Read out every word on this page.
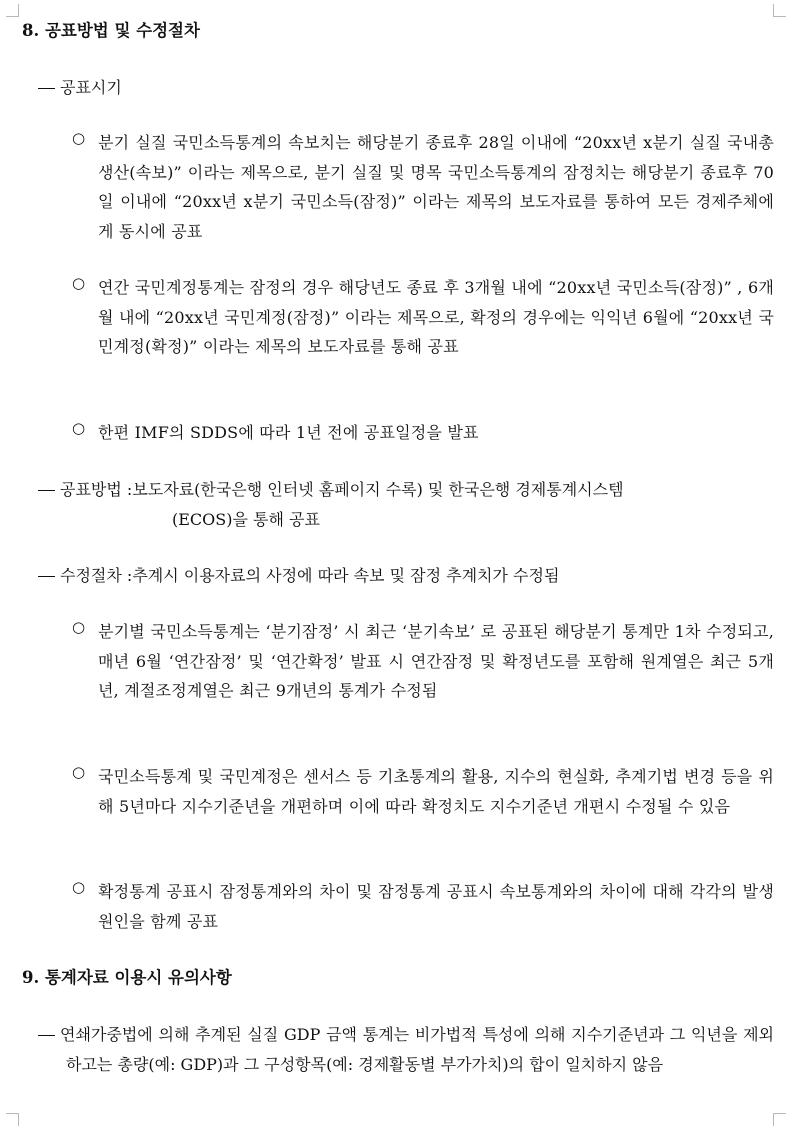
8. 공표방법 및 수정절차
공표시기
○ 분기 실질 국민소득통계의 속보치는 해당분기 종료후 28일 이내에 “20xx년 x분기 실질 국내총생산(속보)” 이라는 제목으로, 분기 실질 및 명목 국민소득통계의 잠정치는 해당분기 종료후 70일 이내에 “20xx년 x분기 국민소득(잠정)” 이라는 제목의 보도자료를 통하여 모든 경제주체에게 동시에 공표
○ 연간 국민계정통계는 잠정의 경우 해당년도 종료 후 3개월 내에 “20xx년 국민소득(잠정)” , 6개월 내에 “20xx년 국민계정(잠정)” 이라는 제목으로, 확정의 경우에는 익익년 6월에 “20xx년 국민계정(확정)” 이라는 제목의 보도자료를 통해 공표
○ 한편 IMF의 SDDS에 따라 1년 전에 공표일정을 발표
공표방법 :보도자료(한국은행 인터넷 홈페이지 수록) 및 한국은행 경제통계시스템
(ECOS)을 통해 공표
수정절차 :추계시 이용자료의 사정에 따라 속보 및 잠정 추계치가 수정됨
○ 분기별 국민소득통계는 ‘분기잠정’ 시 최근 ‘분기속보’ 로 공표된 해당분기 통계만 1차 수정되고, 매년 6월 ‘연간잠정’ 및 ‘연간확정’ 발표 시 연간잠정 및 확정년도를 포함해 원계열은 최근 5개년, 계절조정계열은 최근 9개년의 통계가 수정됨
○ 국민소득통계 및 국민계정은 센서스 등 기초통계의 활용, 지수의 현실화, 추계기법 변경 등을 위해 5년마다 지수기준년을 개편하며 이에 따라 확정치도 지수기준년 개편시 수정될 수 있음
○ 확정통계 공표시 잠정통계와의 차이 및 잠정통계 공표시 속보통계와의 차이에 대해 각각의 발생 원인을 함께 공표
9. 통계자료 이용시 유의사항
연쇄가중법에 의해 추계된 실질 GDP 금액 통계는 비가법적 특성에 의해 지수기준년과 그 익년을 제외하고는 총량(예: GDP)과 그 구성항목(예: 경제활동별 부가가치)의 합이 일치하지 않음
